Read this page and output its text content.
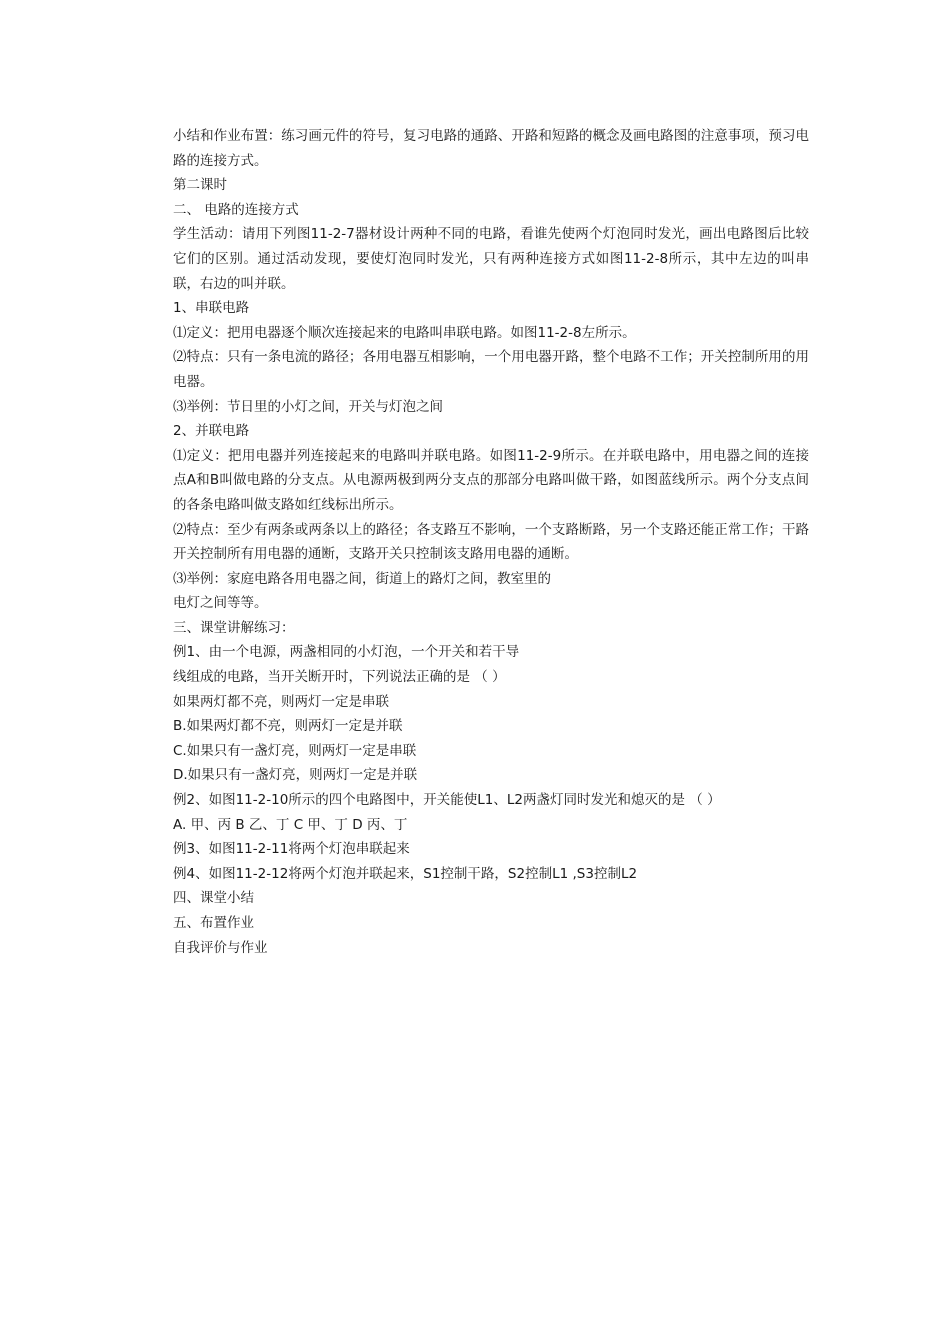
小结和作业布置：练习画元件的符号，复习电路的通路、开路和短路的概念及画电路图的注意事项，预习电路的连接方式。
第二课时
二、 电路的连接方式
学生活动：请用下列图11-2-7器材设计两种不同的电路，看谁先使两个灯泡同时发光，画出电路图后比较它们的区别。通过活动发现，要使灯泡同时发光，只有两种连接方式如图11-2-8所示，其中左边的叫串联，右边的叫并联。
1、串联电路
⑴定义：把用电器逐个顺次连接起来的电路叫串联电路。如图11-2-8左所示。
⑵特点：只有一条电流的路径；各用电器互相影响，一个用电器开路，整个电路不工作；开关控制所用的用电器。
⑶举例：节日里的小灯之间，开关与灯泡之间
2、并联电路
⑴定义：把用电器并列连接起来的电路叫并联电路。如图11-2-9所示。在并联电路中，用电器之间的连接点A和B叫做电路的分支点。从电源两极到两分支点的那部分电路叫做干路，如图蓝线所示。两个分支点间的各条电路叫做支路如红线标出所示。
⑵特点：至少有两条或两条以上的路径；各支路互不影响，一个支路断路，另一个支路还能正常工作；干路开关控制所有用电器的通断，支路开关只控制该支路用电器的通断。
⑶举例：家庭电路各用电器之间，街道上的路灯之间，教室里的
电灯之间等等。
三、课堂讲解练习：
例1、由一个电源，两盏相同的小灯泡，一个开关和若干导
线组成的电路，当开关断开时，下列说法正确的是 （ ）
如果两灯都不亮，则两灯一定是串联
B.如果两灯都不亮，则两灯一定是并联
C.如果只有一盏灯亮，则两灯一定是串联
D.如果只有一盏灯亮，则两灯一定是并联
例2、如图11-2-10所示的四个电路图中，开关能使L1、L2两盏灯同时发光和熄灭的是 （ ）
A. 甲、丙 B 乙、丁 C 甲、丁 D 丙、丁
例3、如图11-2-11将两个灯泡串联起来
例4、如图11-2-12将两个灯泡并联起来，S1控制干路，S2控制L1 ,S3控制L2
四、课堂小结
五、布置作业
自我评价与作业
